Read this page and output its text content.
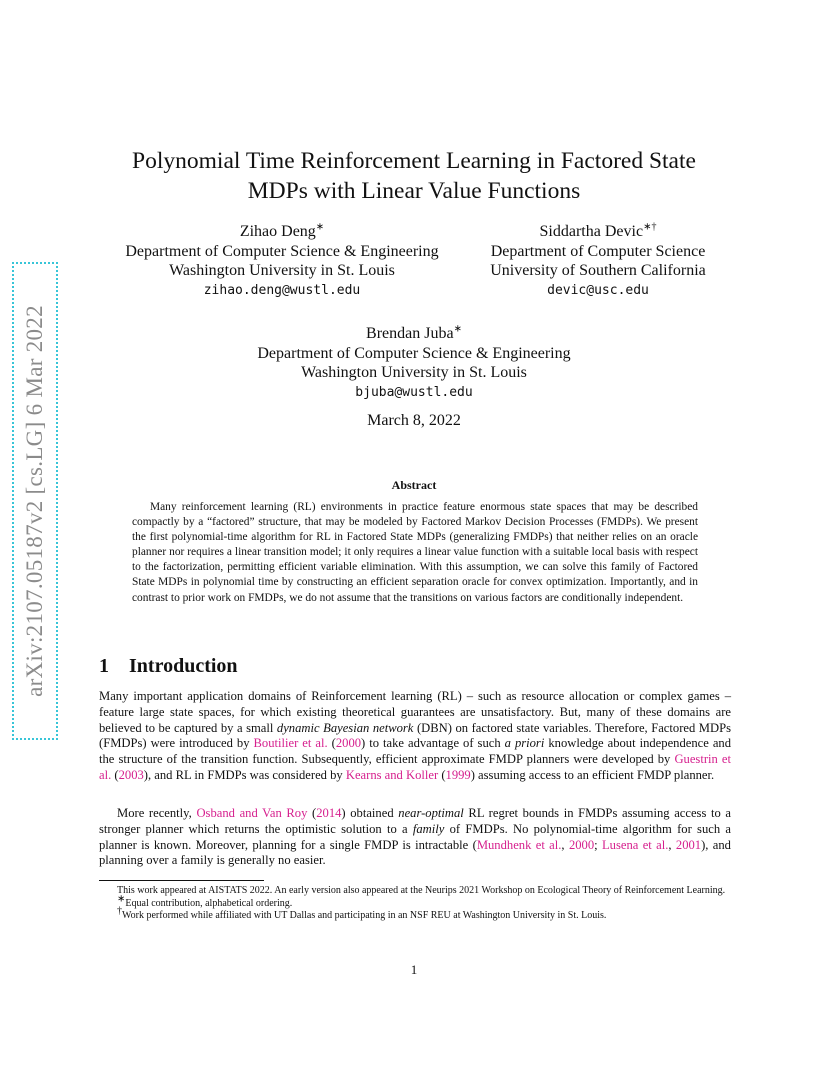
arXiv:2107.05187v2 [cs.LG] 6 Mar 2022
Polynomial Time Reinforcement Learning in Factored State
MDPs with Linear Value Functions
Zihao Deng∗
Department of Computer Science & Engineering
Washington University in St. Louis
zihao.deng@wustl.edu
Siddartha Devic∗†
Department of Computer Science
University of Southern California
devic@usc.edu
Brendan Juba∗
Department of Computer Science & Engineering
Washington University in St. Louis
bjuba@wustl.edu
March 8, 2022
Abstract

Many reinforcement learning (RL) environments in practice feature enormous state spaces that may be described compactly by a “factored” structure, that may be modeled by Factored Markov Decision Processes (FMDPs). We present the first polynomial-time algorithm for RL in Factored State MDPs (generalizing FMDPs) that neither relies on an oracle planner nor requires a linear transition model; it only requires a linear value function with a suitable local basis with respect to the factorization, permitting efficient variable elimination. With this assumption, we can solve this family of Factored State MDPs in polynomial time by constructing an efficient separation oracle for convex optimization. Importantly, and in contrast to prior work on FMDPs, we do not assume that the transitions on various factors are conditionally independent.

1 Introduction

Many important application domains of Reinforcement learning (RL) – such as resource allocation or complex games – feature large state spaces, for which existing theoretical guarantees are unsatisfactory. But, many of these domains are believed to be captured by a small dynamic Bayesian network (DBN) on factored state variables. Therefore, Factored MDPs (FMDPs) were introduced by Boutilier et al. (2000) to take advantage of such a priori knowledge about independence and the structure of the transition function. Subsequently, efficient approximate FMDP planners were developed by Guestrin et al. (2003), and RL in FMDPs was considered by Kearns and Koller (1999) assuming access to an efficient FMDP planner.

More recently, Osband and Van Roy (2014) obtained near-optimal RL regret bounds in FMDPs assuming access to a stronger planner which returns the optimistic solution to a family of FMDPs. No polynomial-time algorithm for such a planner is known. Moreover, planning for a single FMDP is intractable (Mundhenk et al., 2000; Lusena et al., 2001), and planning over a family is generally no easier.

This work appeared at AISTATS 2022. An early version also appeared at the Neurips 2021 Workshop on Ecological Theory of Reinforcement Learning.

∗Equal contribution, alphabetical ordering.

†Work performed while affiliated with UT Dallas and participating in an NSF REU at Washington University in St. Louis.

1
